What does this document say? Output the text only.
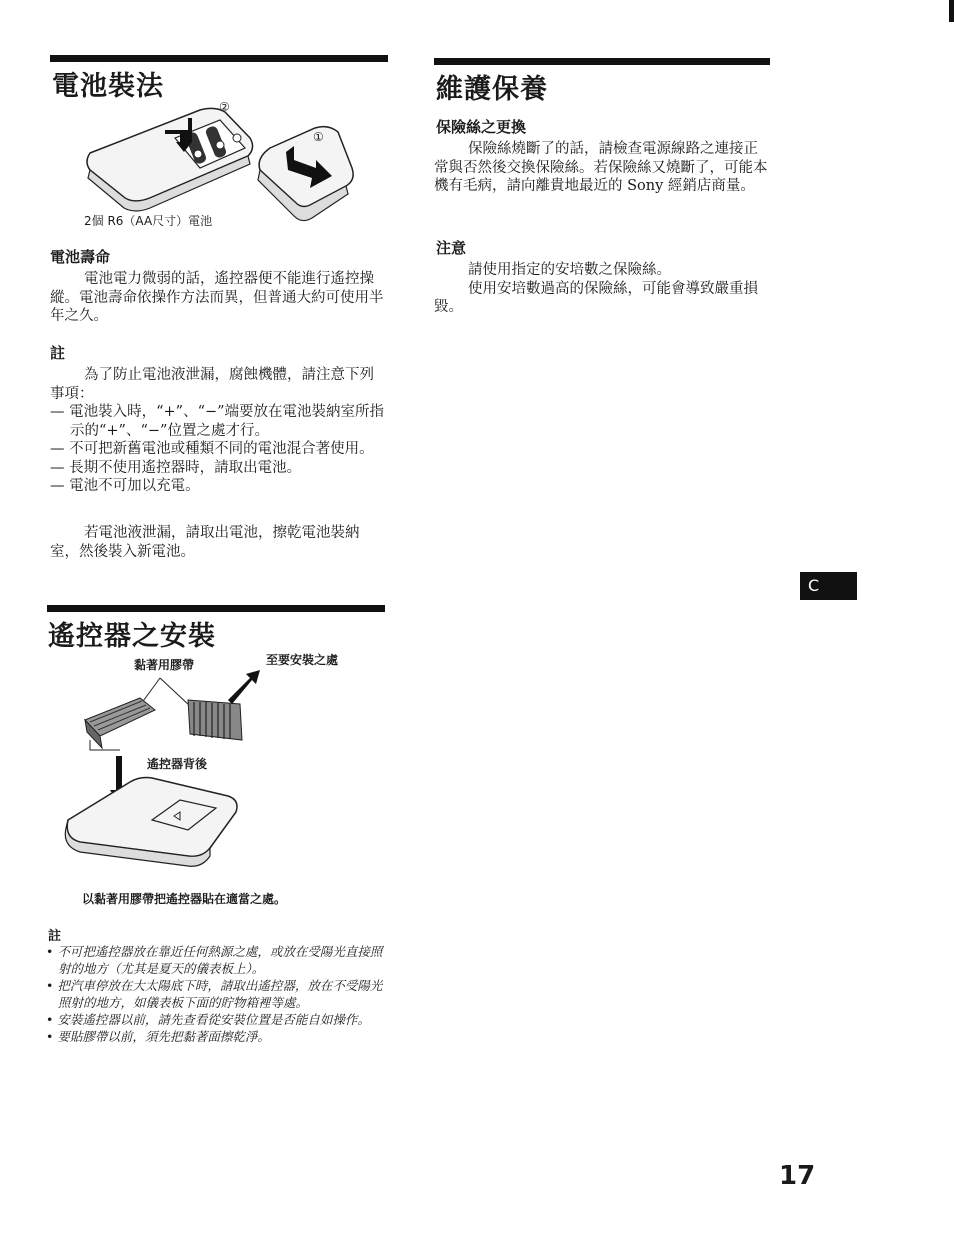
電池裝法
②
①
2個 R6（AA尺寸）電池
電池壽命
電池電力微弱的話，遙控器便不能進行遙控操縱。電池壽命依操作方法而異，但普通大約可使用半年之久。
註
為了防止電池液泄漏，腐蝕機體，請注意下列事項：
— 電池裝入時，“+”、“−”端要放在電池裝納室所指示的“+”、“−”位置之處才行。
— 不可把新舊電池或種類不同的電池混合著使用。
— 長期不使用遙控器時，請取出電池。
— 電池不可加以充電。
若電池液泄漏，請取出電池，擦乾電池裝納室，然後裝入新電池。
遙控器之安裝
黏著用膠帶	至要安裝之處
遙控器背後
以黏著用膠帶把遙控器貼在適當之處。
註
• 不可把遙控器放在靠近任何熱源之處，或放在受陽光直接照射的地方（尤其是夏天的儀表板上）。
• 把汽車停放在大太陽底下時，請取出遙控器，放在不受陽光照射的地方，如儀表板下面的貯物箱裡等處。
• 安裝遙控器以前，請先查看從安裝位置是否能自如操作。
• 要貼膠帶以前，須先把黏著面擦乾淨。
維護保養
保險絲之更換
保險絲燒斷了的話，請檢查電源線路之連接正常與否然後交換保險絲。若保險絲又燒斷了，可能本機有毛病，請向離貴地最近的 Sony 經銷店商量。
注意
請使用指定的安培數之保險絲。
使用安培數過高的保險絲，可能會導致嚴重損毀。
C
17
